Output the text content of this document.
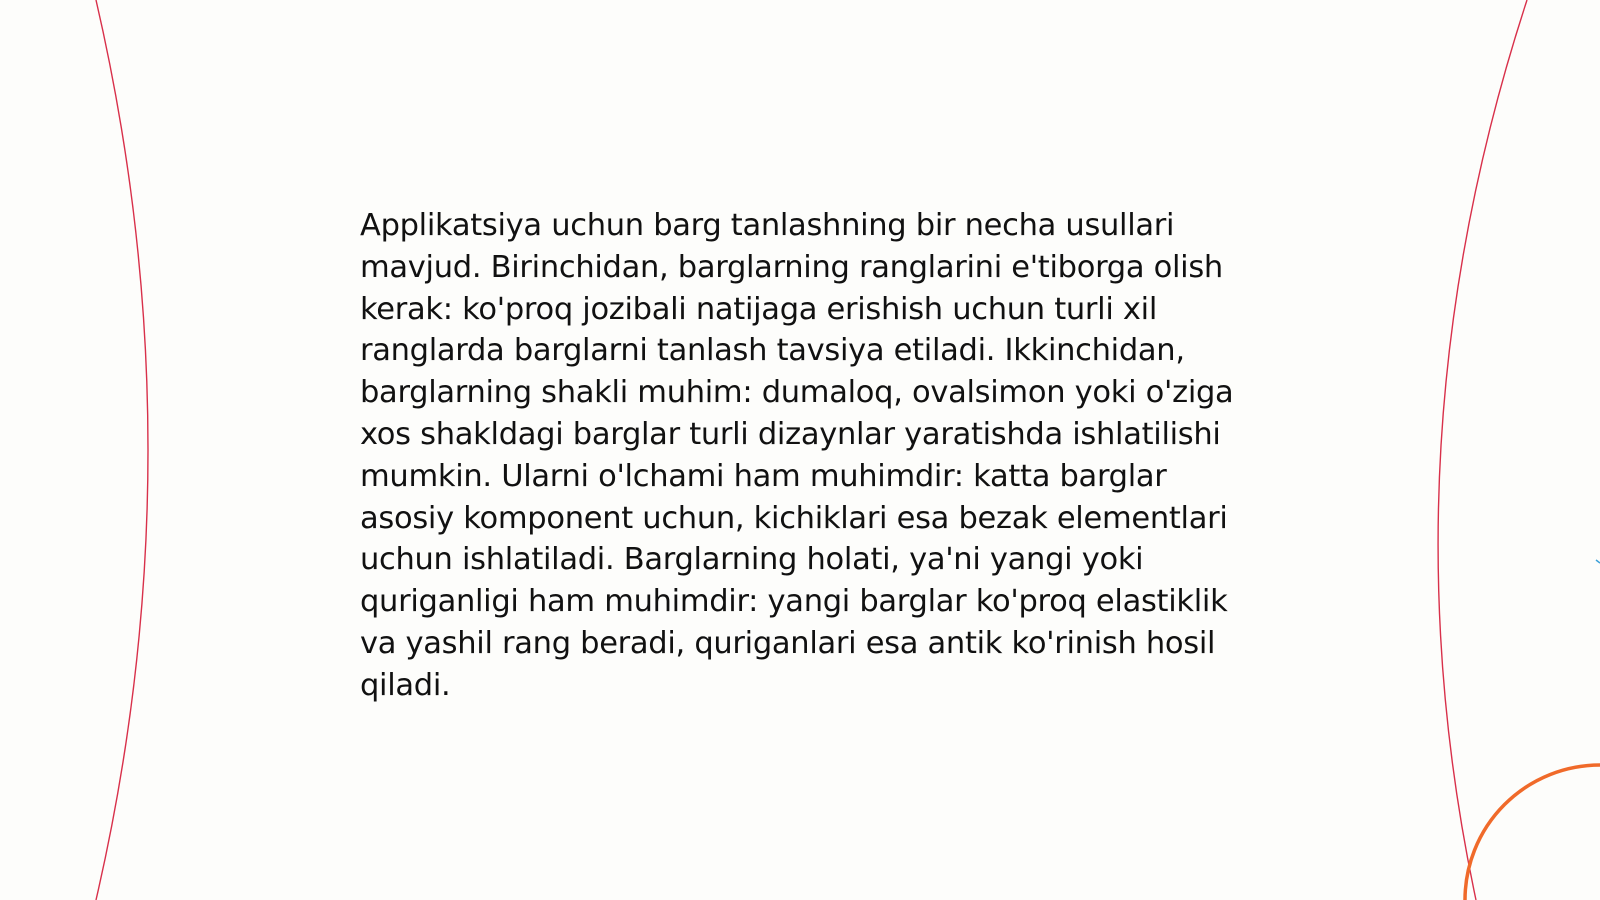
Applikatsiya uchun barg tanlashning bir necha usullari mavjud. Birinchidan, barglarning ranglarini e'tiborga olish kerak: ko'proq jozibali natijaga erishish uchun turli xil ranglarda barglarni tanlash tavsiya etiladi. Ikkinchidan, barglarning shakli muhim: dumaloq, ovalsimon yoki o'ziga xos shakldagi barglar turli dizaynlar yaratishda ishlatilishi mumkin. Ularni o'lchami ham muhimdir: katta barglar asosiy komponent uchun, kichiklari esa bezak elementlari uchun ishlatiladi. Barglarning holati, ya'ni yangi yoki quriganligi ham muhimdir: yangi barglar ko'proq elastiklik va yashil rang beradi, quriganlari esa antik ko'rinish hosil qiladi.
